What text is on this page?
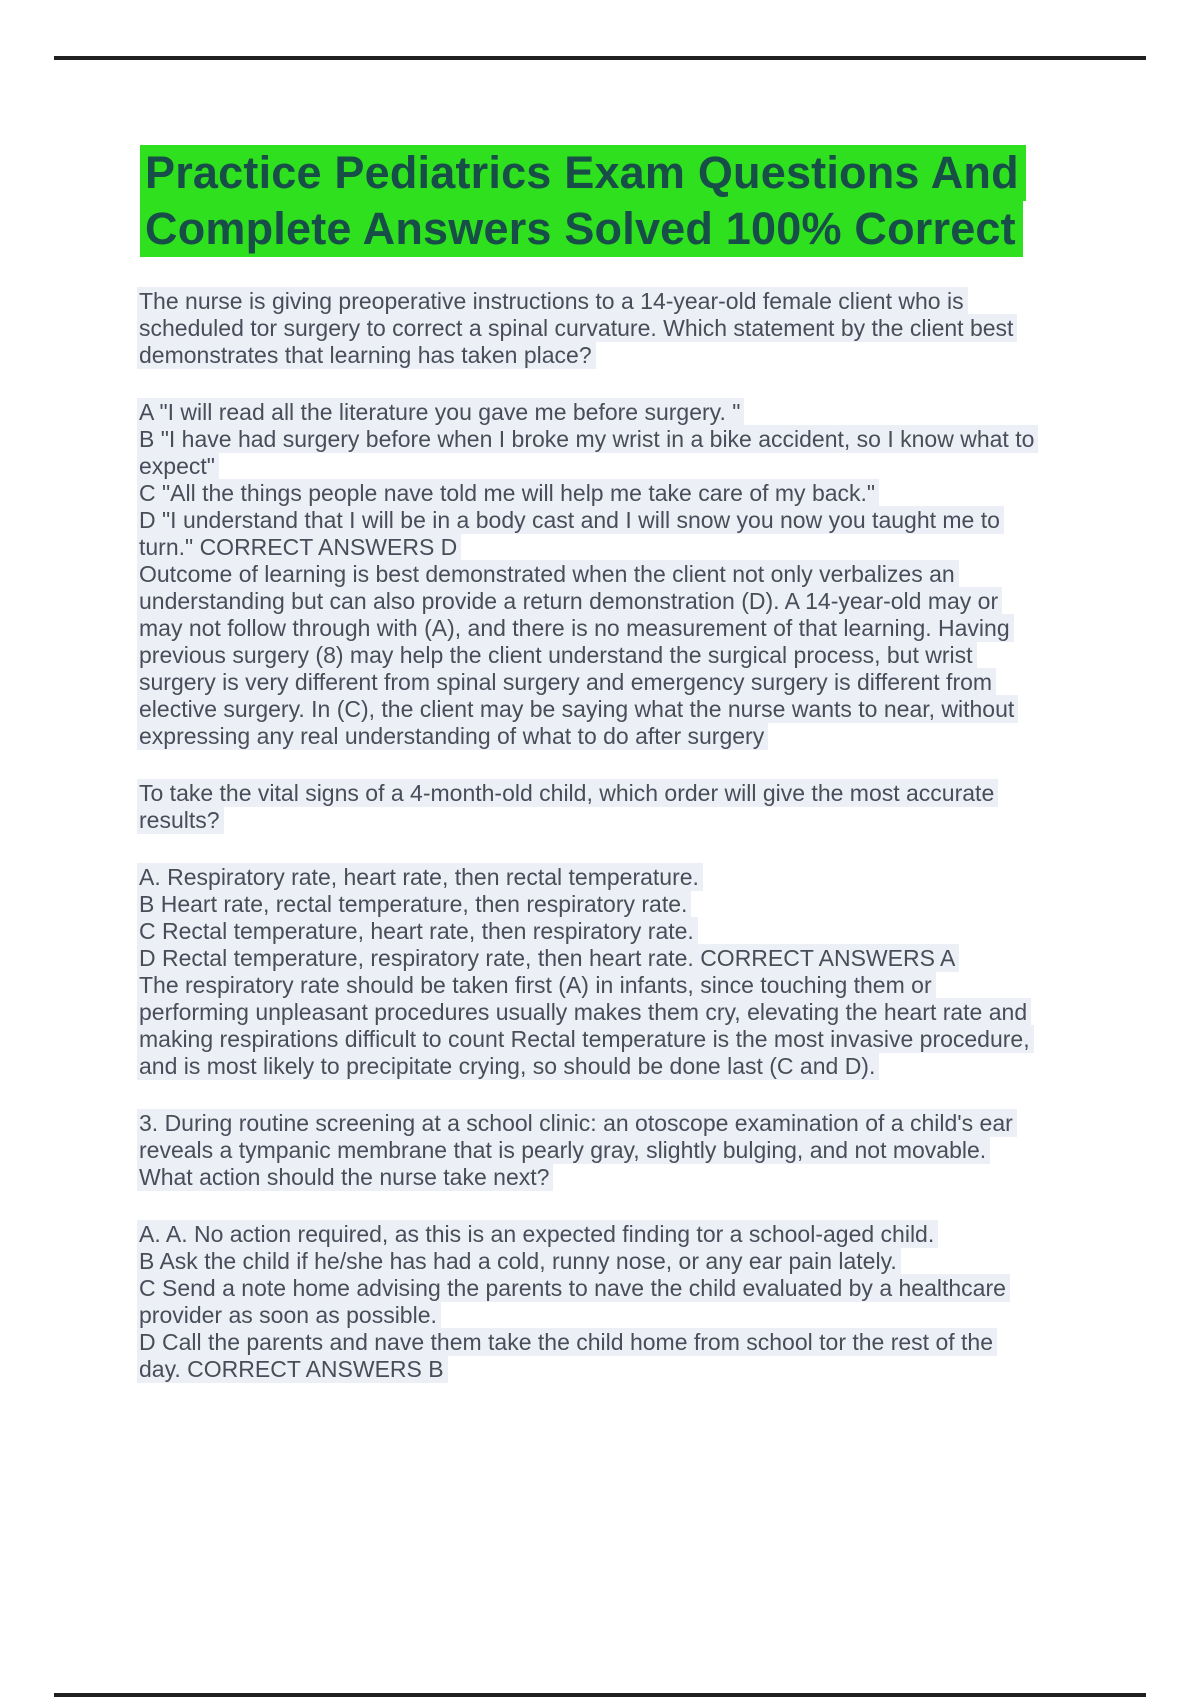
Practice Pediatrics Exam Questions And
Complete Answers Solved 100% Correct
The nurse is giving preoperative instructions to a 14-year-old female client who is
scheduled tor surgery to correct a spinal curvature. Which statement by the client best
demonstrates that learning has taken place?
A "I will read all the literature you gave me before surgery. "
B "I have had surgery before when I broke my wrist in a bike accident, so I know what to
expect"
C "All the things people nave told me will help me take care of my back."
D "I understand that I will be in a body cast and I will snow you now you taught me to
turn." CORRECT ANSWERS D
Outcome of learning is best demonstrated when the client not only verbalizes an
understanding but can also provide a return demonstration (D). A 14-year-old may or
may not follow through with (A), and there is no measurement of that learning. Having
previous surgery (8) may help the client understand the surgical process, but wrist
surgery is very different from spinal surgery and emergency surgery is different from
elective surgery. In (C), the client may be saying what the nurse wants to near, without
expressing any real understanding of what to do after surgery
To take the vital signs of a 4-month-old child, which order will give the most accurate
results?
A. Respiratory rate, heart rate, then rectal temperature.
B Heart rate, rectal temperature, then respiratory rate.
C Rectal temperature, heart rate, then respiratory rate.
D Rectal temperature, respiratory rate, then heart rate. CORRECT ANSWERS A
The respiratory rate should be taken first (A) in infants, since touching them or
performing unpleasant procedures usually makes them cry, elevating the heart rate and
making respirations difficult to count Rectal temperature is the most invasive procedure,
and is most likely to precipitate crying, so should be done last (C and D).
3. During routine screening at a school clinic: an otoscope examination of a child's ear
reveals a tympanic membrane that is pearly gray, slightly bulging, and not movable.
What action should the nurse take next?
A. A. No action required, as this is an expected finding tor a school-aged child.
B Ask the child if he/she has had a cold, runny nose, or any ear pain lately.
C Send a note home advising the parents to nave the child evaluated by a healthcare
provider as soon as possible.
D Call the parents and nave them take the child home from school tor the rest of the
day. CORRECT ANSWERS B
